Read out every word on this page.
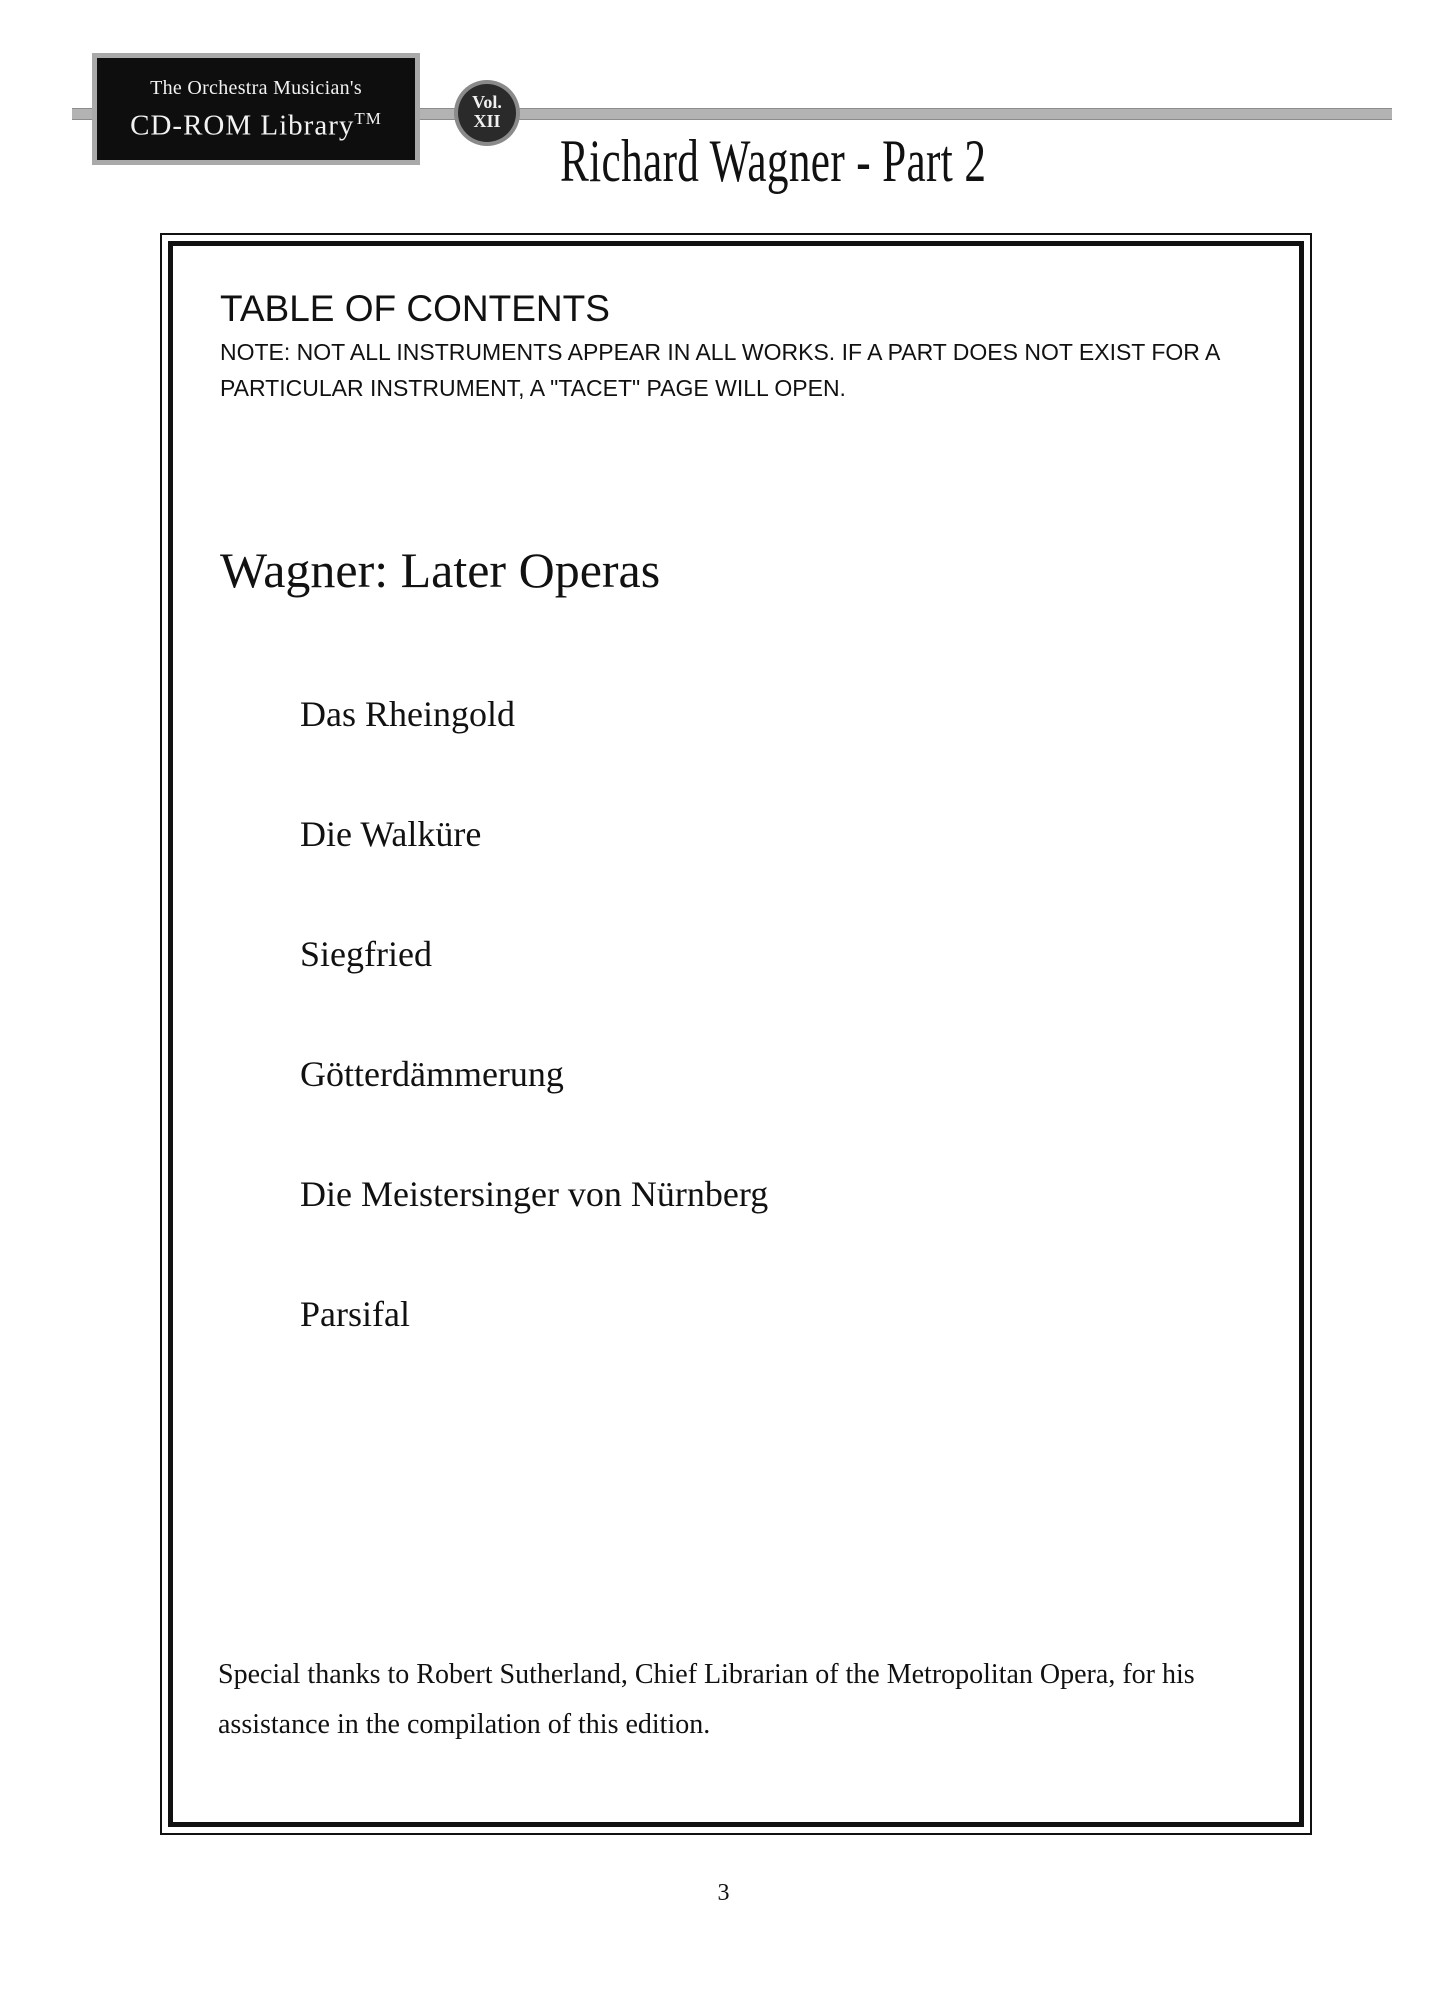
The Orchestra Musician's
CD-ROM Library™
Vol.
XII
Richard Wagner - Part 2
TABLE OF CONTENTS
NOTE: NOT ALL INSTRUMENTS APPEAR IN ALL WORKS. IF A PART DOES NOT EXIST FOR A PARTICULAR INSTRUMENT, A "TACET" PAGE WILL OPEN.
Wagner: Later Operas
Das Rheingold
Die Walküre
Siegfried
Götterdämmerung
Die Meistersinger von Nürnberg
Parsifal
Special thanks to Robert Sutherland, Chief Librarian of the Metropolitan Opera, for his assistance in the compilation of this edition.
3
